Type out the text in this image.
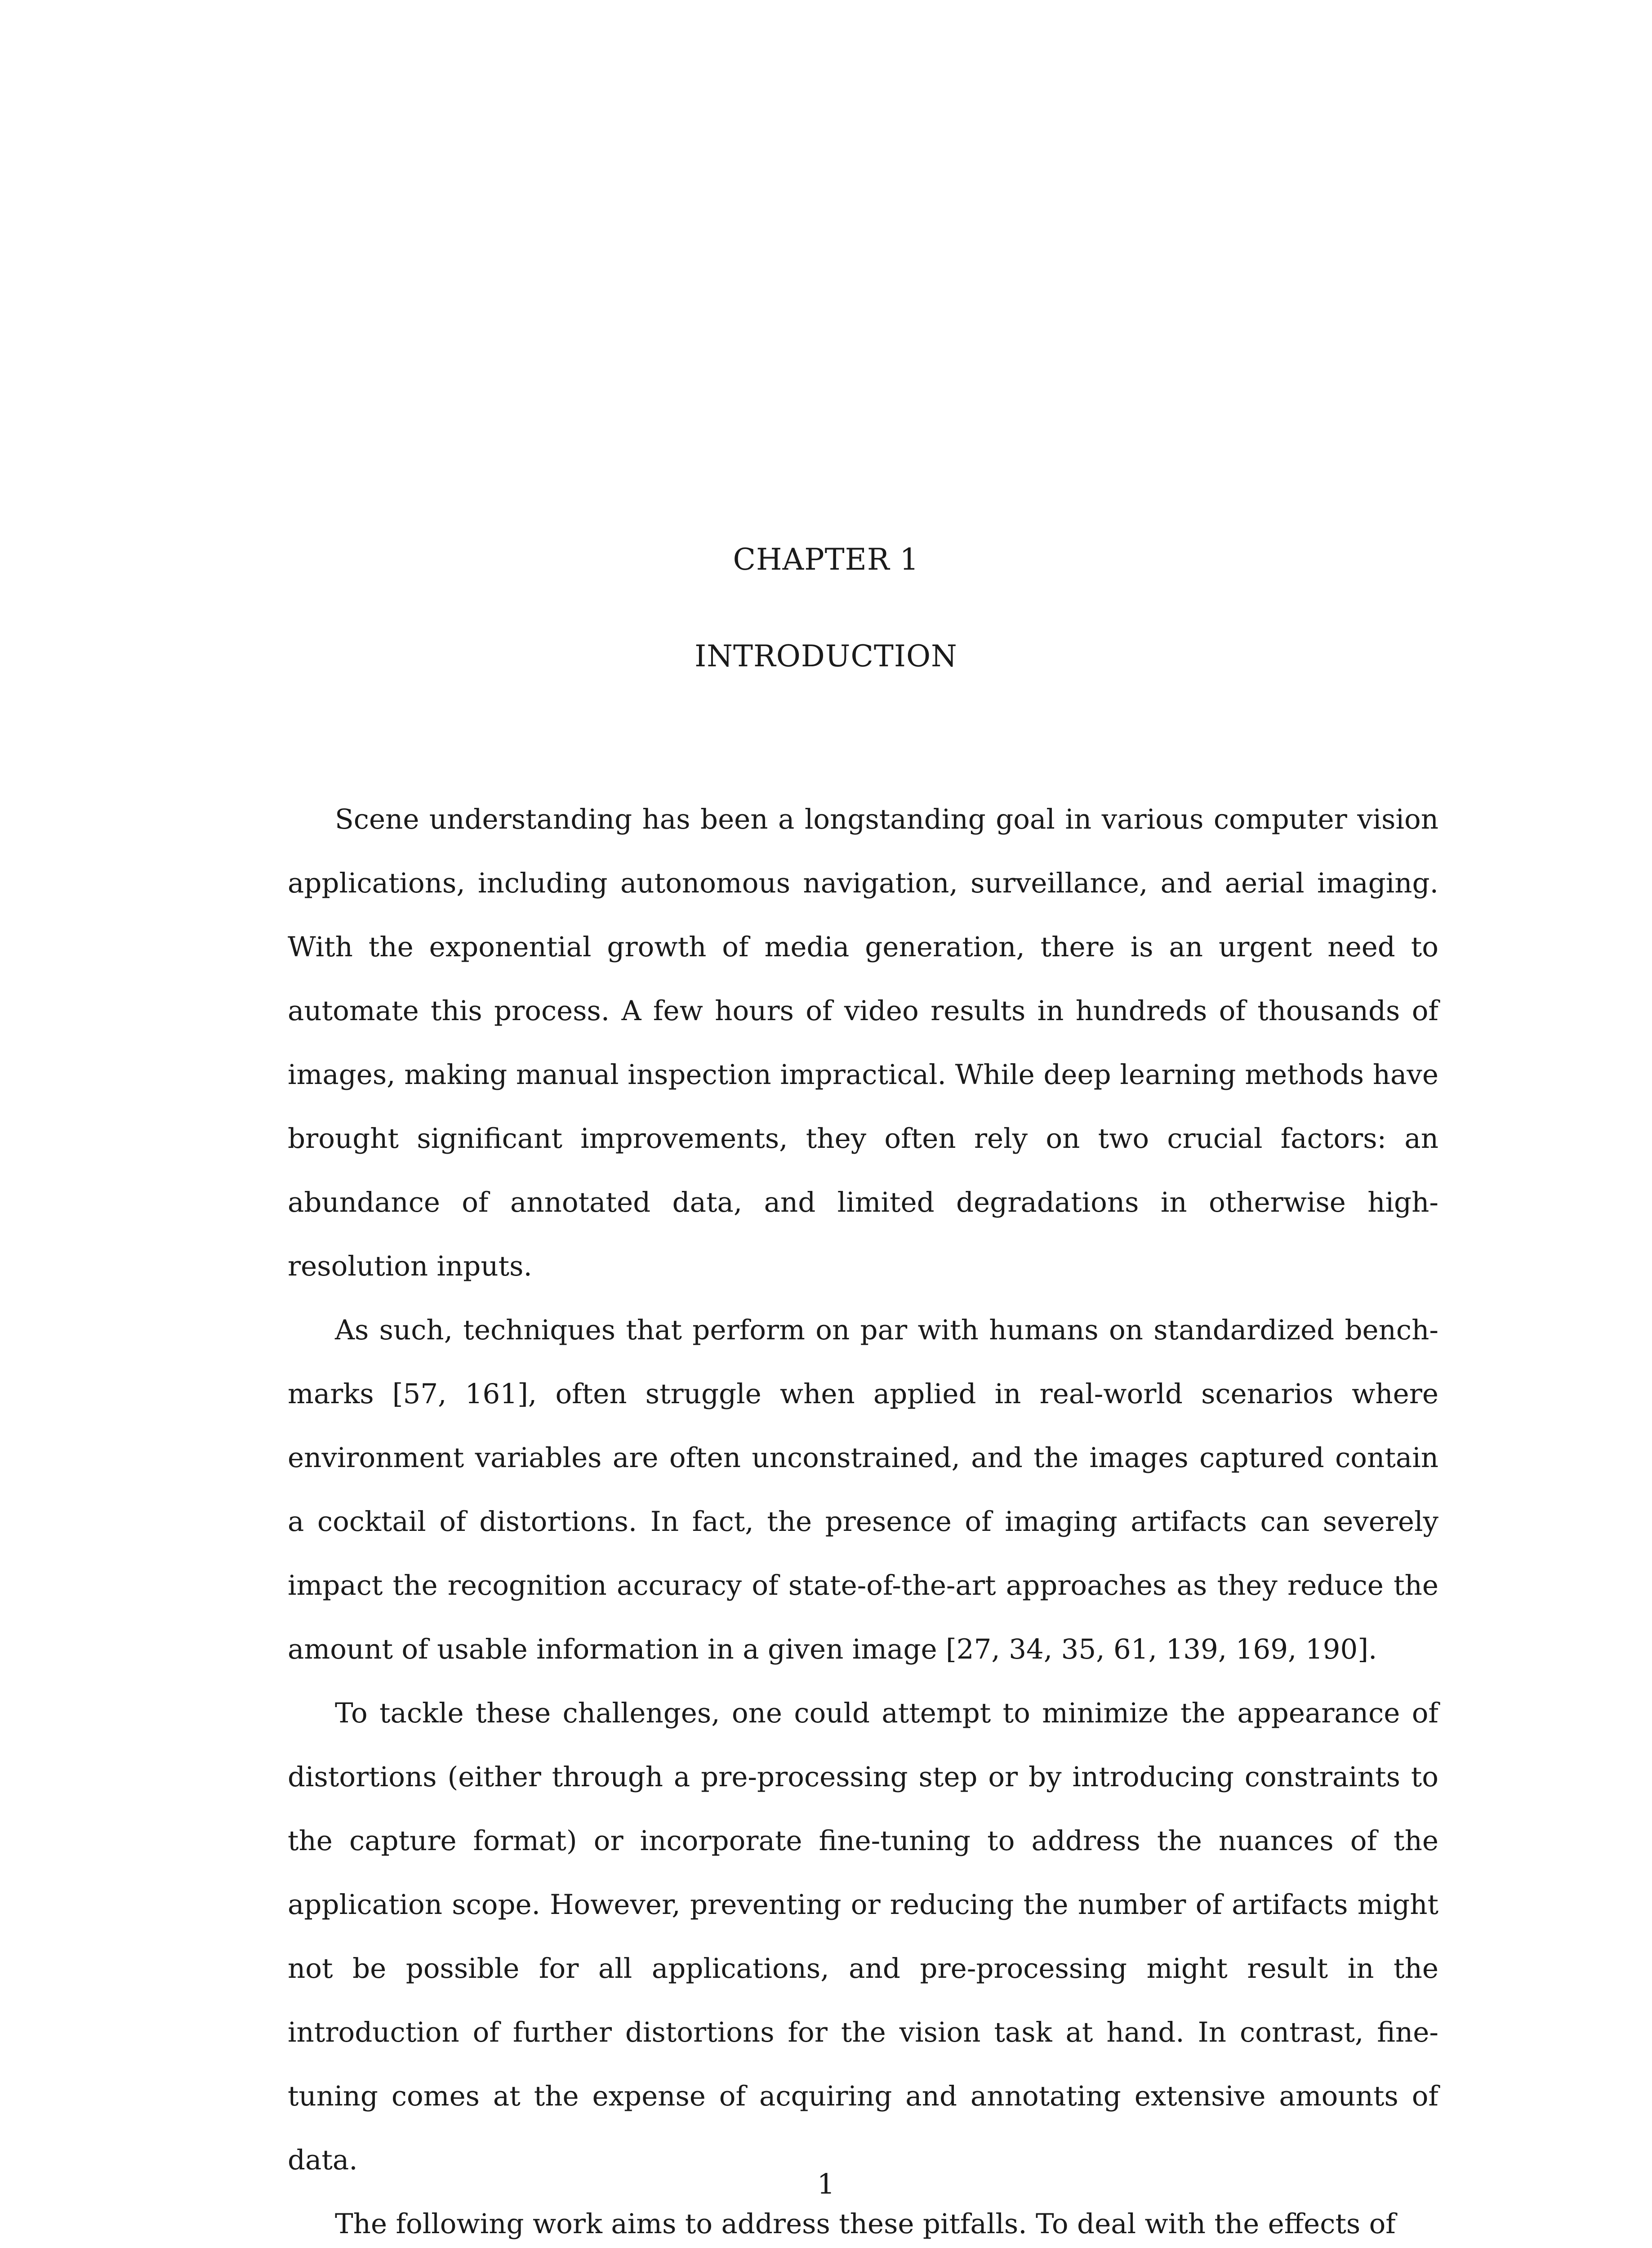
CHAPTER 1
INTRODUCTION

Scene understanding has been a longstanding goal in various computer vision applications, including autonomous navigation, surveillance, and aerial imaging. With the exponential growth of media generation, there is an urgent need to automate this process. A few hours of video results in hundreds of thousands of images, making manual inspection impractical. While deep learning methods have brought significant improvements, they often rely on two crucial factors: an abundance of annotated data, and limited degradations in otherwise high-resolution inputs.

As such, techniques that perform on par with humans on standardized benchmarks [57, 161], often struggle when applied in real-world scenarios where environment variables are often unconstrained, and the images captured contain a cocktail of distortions. In fact, the presence of imaging artifacts can severely impact the recognition accuracy of state-of-the-art approaches as they reduce the amount of usable information in a given image [27, 34, 35, 61, 139, 169, 190].

To tackle these challenges, one could attempt to minimize the appearance of distortions (either through a pre-processing step or by introducing constraints to the capture format) or incorporate fine-tuning to address the nuances of the application scope. However, preventing or reducing the number of artifacts might not be possible for all applications, and pre-processing might result in the introduction of further distortions for the vision task at hand. In contrast, fine-tuning comes at the expense of acquiring and annotating extensive amounts of data.

The following work aims to address these pitfalls. To deal with the effects of

1
